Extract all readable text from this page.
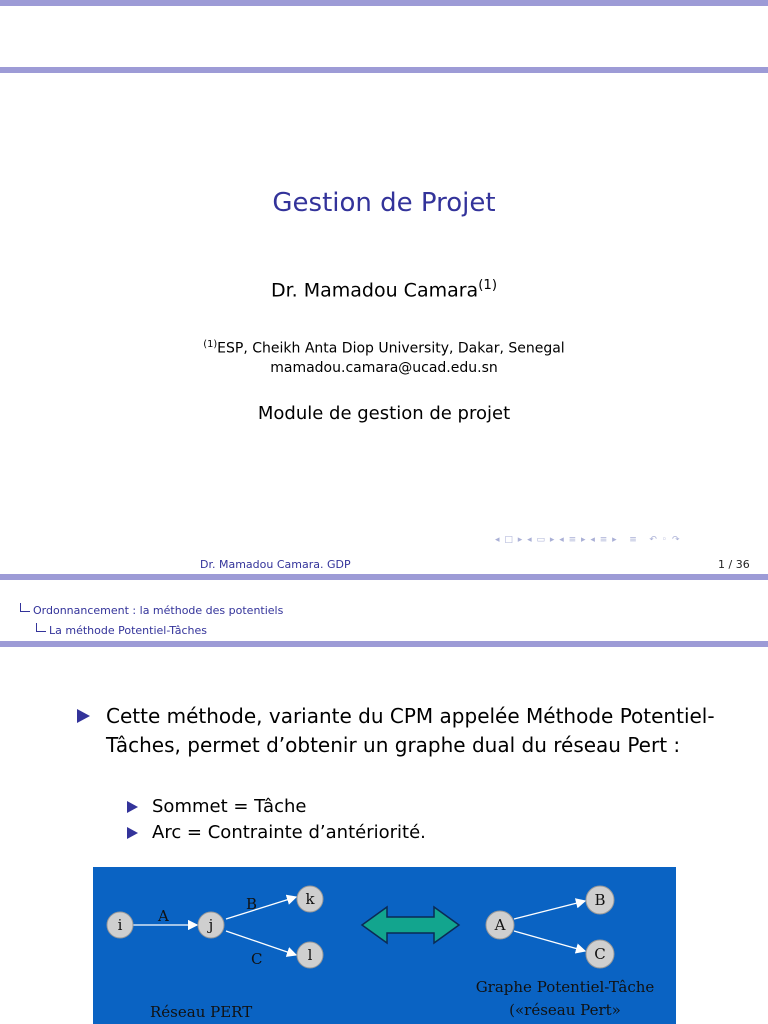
Gestion de Projet
Dr. Mamadou Camara$^{(1)}$
$^{(1)}$ESP, Cheikh Anta Diop University, Dakar, Senegal
mamadou.camara@ucad.edu.sn
Module de gestion de projet
◂ □ ▸ ◂ ▭ ▸ ◂ ≡ ▸ ◂ ≡ ▸   ≡   ↶ ◦ ↷
Dr. Mamadou Camara. GDP	1 / 36
Ordonnancement : la méthode des potentiels
La méthode Potentiel-Tâches
Cette méthode, variante du CPM appelée Méthode Potentiel-Tâches, permet d’obtenir un graphe dual du réseau Pert :
Sommet = Tâche
Arc = Contrainte d’antériorité.
A
B
C
i	j
k
l
A
B
C
Réseau PERT
Graphe Potentiel-Tâche
(«réseau Pert»
